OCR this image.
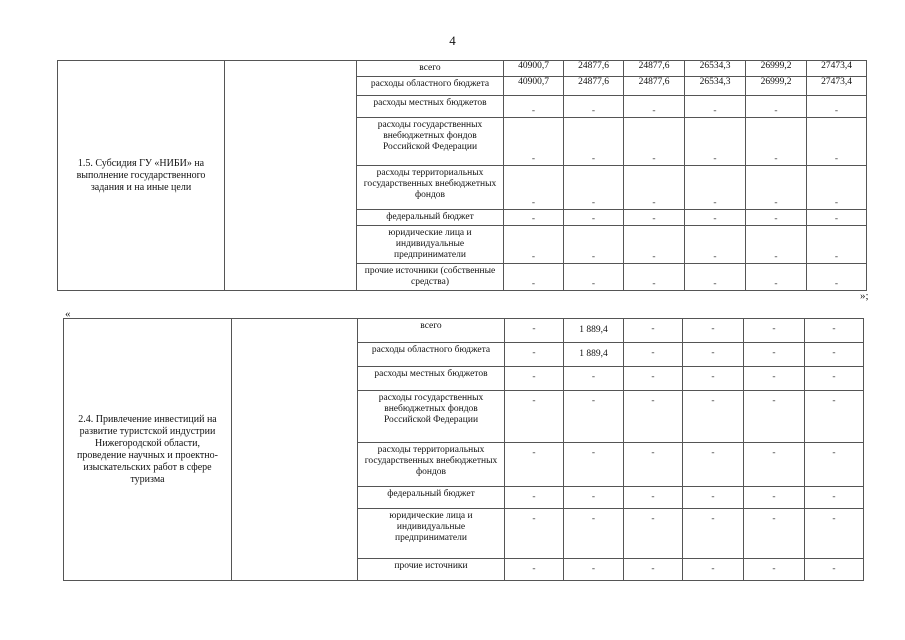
4
1.5. Субсидия ГУ «НИБИ» на выполнение государственного задания и на иные цели		всего	40900,7	24877,6	24877,6	26534,3	26999,2	27473,4
		расходы областного бюджета	40900,7	24877,6	24877,6	26534,3	26999,2	27473,4
		расходы местных бюджетов	-	-	-	-	-	-
		расходы государственных внебюджетных фондов Российской Федерации	-	-	-	-	-	-
		расходы территориальных государственных внебюджетных фондов	-	-	-	-	-	-
		федеральный бюджет	-	-	-	-	-	-
		юридические лица и индивидуальные предприниматели	-	-	-	-	-	-
		прочие источники (собственные средства)	-	-	-	-	-	-
»;
«
2.4. Привлечение инвестиций на развитие туристской индустрии Нижегородской области, проведение научных и проектно-изыскательских работ в сфере туризма		всего	-	1 889,4	-	-	-	-
		расходы областного бюджета	-	1 889,4	-	-	-	-
		расходы местных бюджетов	-	-	-	-	-	-
		расходы государственных внебюджетных фондов Российской Федерации	-	-	-	-	-	-
		расходы территориальных государственных внебюджетных фондов	-	-	-	-	-	-
		федеральный бюджет	-	-	-	-	-	-
		юридические лица и индивидуальные предприниматели	-	-	-	-	-	-
		прочие источники	-	-	-	-	-	-
